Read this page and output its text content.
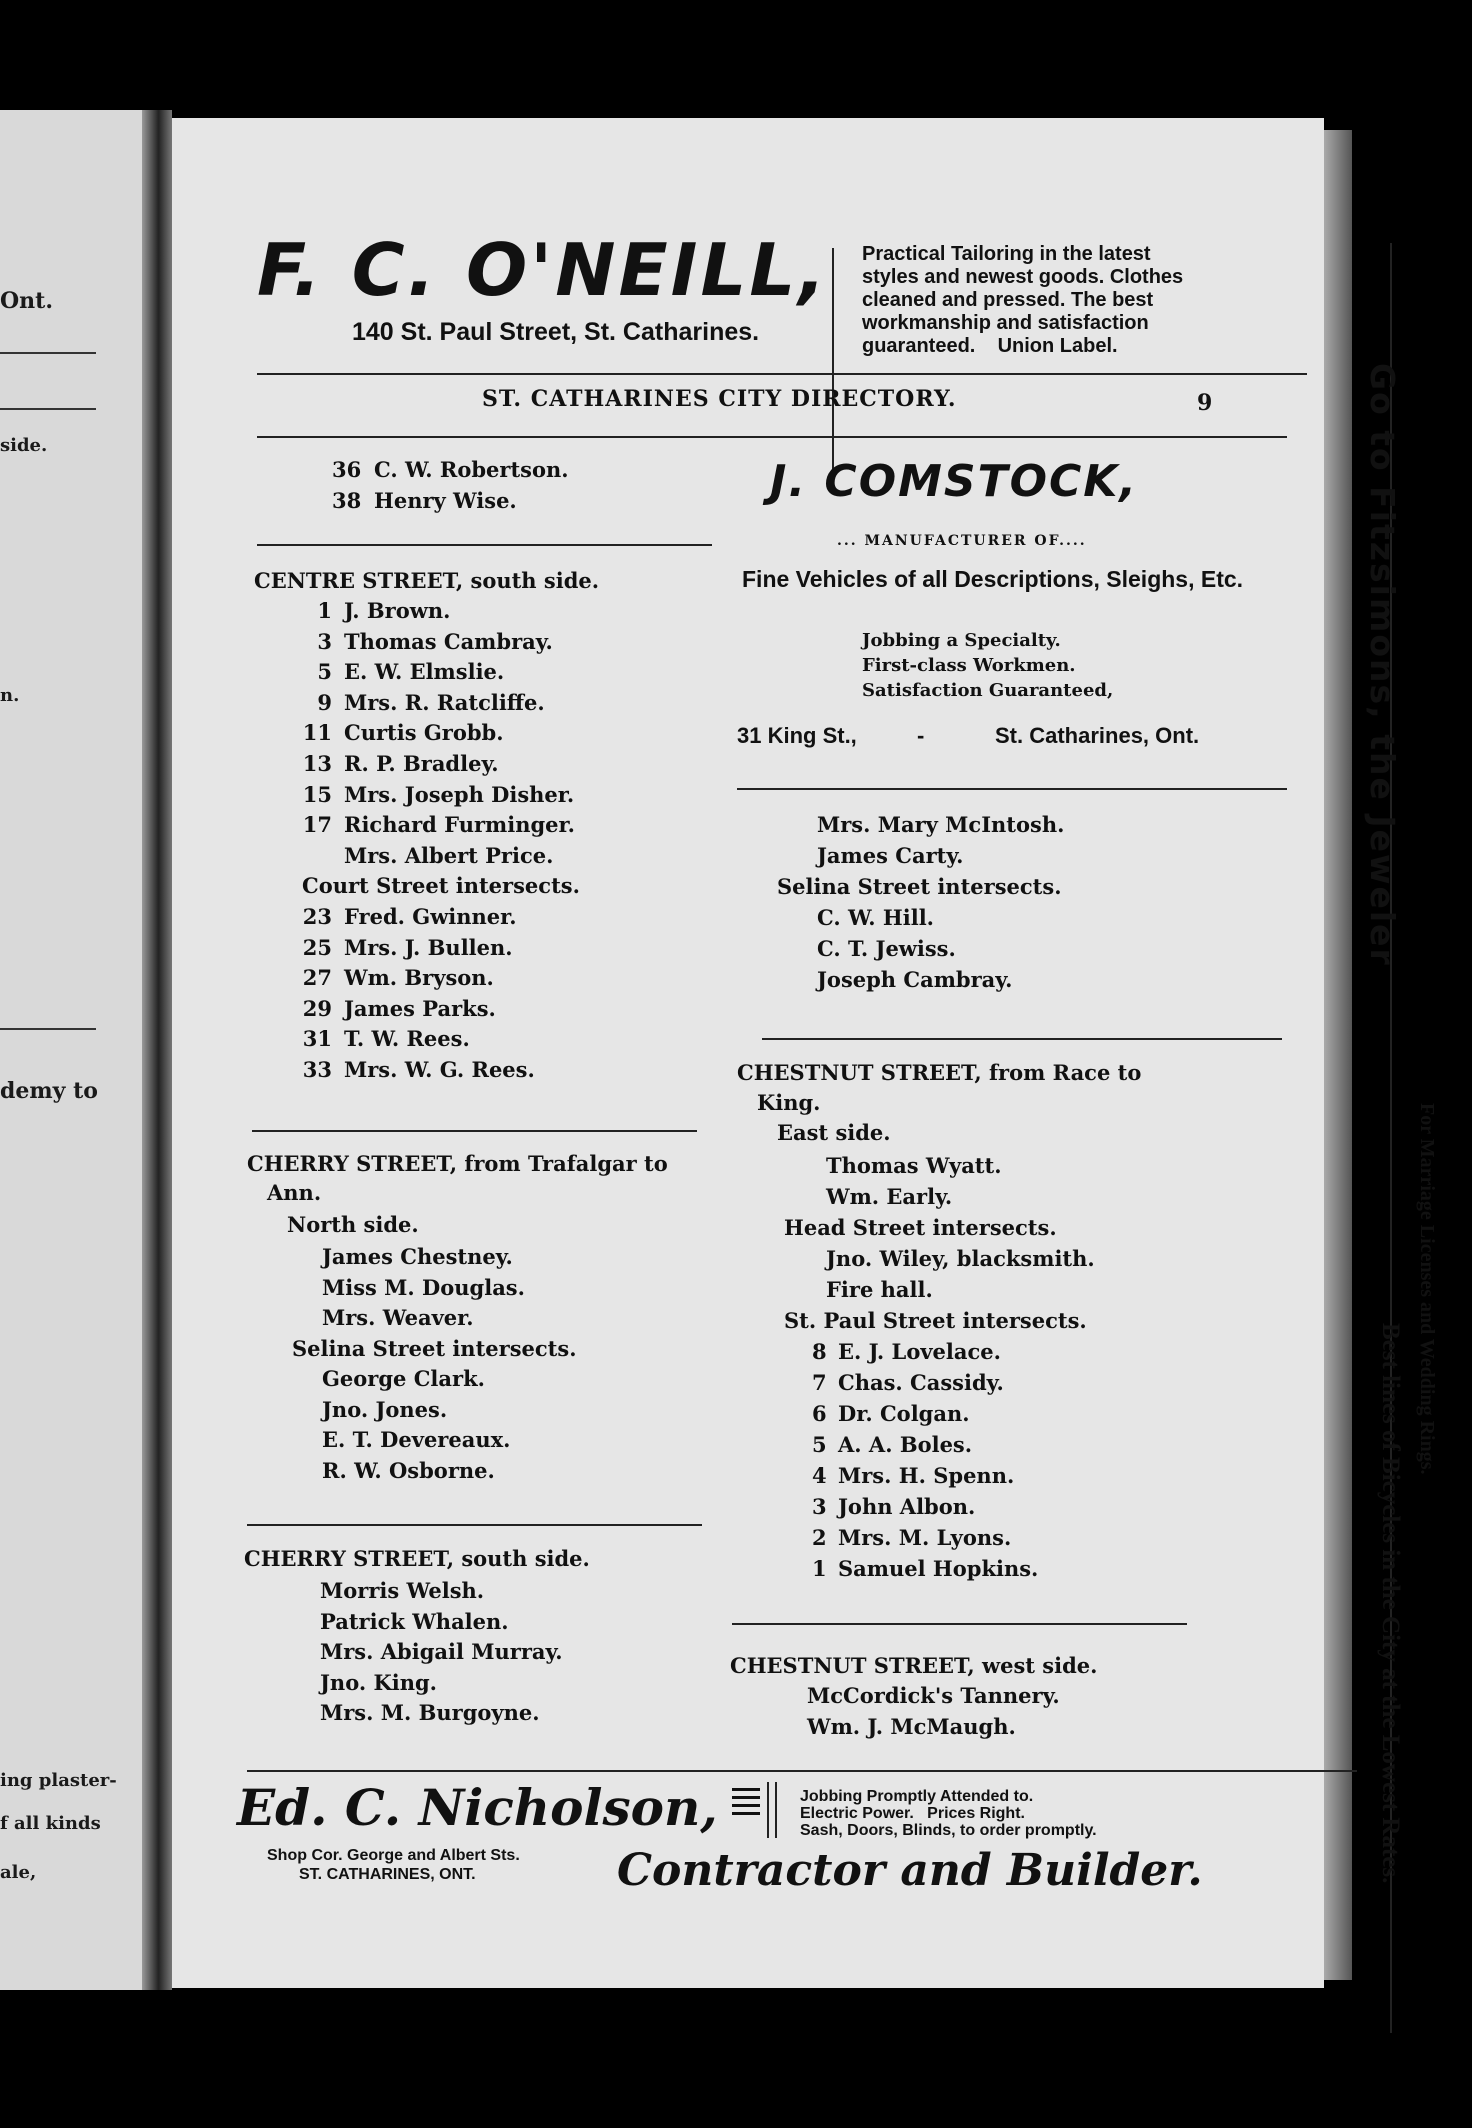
Ont.
side.
n.
demy to
ing plaster-
f all kinds
ale,
F. C. O'NEILL,
140 St. Paul Street, St. Catharines.
Practical Tailoring in the latest
styles and newest goods. Clothes
cleaned and pressed. The best
workmanship and satisfaction
guaranteed.    Union Label.
ST. CATHARINES CITY DIRECTORY.	9
36 C. W. Robertson.
38 Henry Wise.
CENTRE STREET, south side.
1 J. Brown.
3 Thomas Cambray.
5 E. W. Elmslie.
9 Mrs. R. Ratcliffe.
11 Curtis Grobb.
13 R. P. Bradley.
15 Mrs. Joseph Disher.
17 Richard Furminger.
Mrs. Albert Price.
Court Street intersects.
23 Fred. Gwinner.
25 Mrs. J. Bullen.
27 Wm. Bryson.
29 James Parks.
31 T. W. Rees.
33 Mrs. W. G. Rees.
CHERRY STREET, from Trafalgar to
Ann.
North side.
James Chestney.
Miss M. Douglas.
Mrs. Weaver.
Selina Street intersects.
George Clark.
Jno. Jones.
E. T. Devereaux.
R. W. Osborne.
CHERRY STREET, south side.
Morris Welsh.
Patrick Whalen.
Mrs. Abigail Murray.
Jno. King.
Mrs. M. Burgoyne.
J. COMSTOCK,
... MANUFACTURER OF....
Fine Vehicles of all Descriptions, Sleighs, Etc.
Jobbing a Specialty.
First-class Workmen.
Satisfaction Guaranteed,
31 King St.,	-	St. Catharines, Ont.
Mrs. Mary McIntosh.
James Carty.
Selina Street intersects.
C. W. Hill.
C. T. Jewiss.
Joseph Cambray.
CHESTNUT STREET, from Race to
King.
East side.
Thomas Wyatt.
Wm. Early.
Head Street intersects.
Jno. Wiley, blacksmith.
Fire hall.
St. Paul Street intersects.
8 E. J. Lovelace.
7 Chas. Cassidy.
6 Dr. Colgan.
5 A. A. Boles.
4 Mrs. H. Spenn.
3 John Albon.
2 Mrs. M. Lyons.
1 Samuel Hopkins.
CHESTNUT STREET, west side.
McCordick's Tannery.
Wm. J. McMaugh.
Go to Fitzsimons, the Jeweler
For Marriage Licenses and Wedding Rings.
Best lines of Bicycles in the City at the Lowest Rates.
Ed. C. Nicholson,
Shop Cor. George and Albert Sts.
ST. CATHARINES, ONT.
Jobbing Promptly Attended to.
Electric Power.   Prices Right.
Sash, Doors, Blinds, to order promptly.
Contractor and Builder.
